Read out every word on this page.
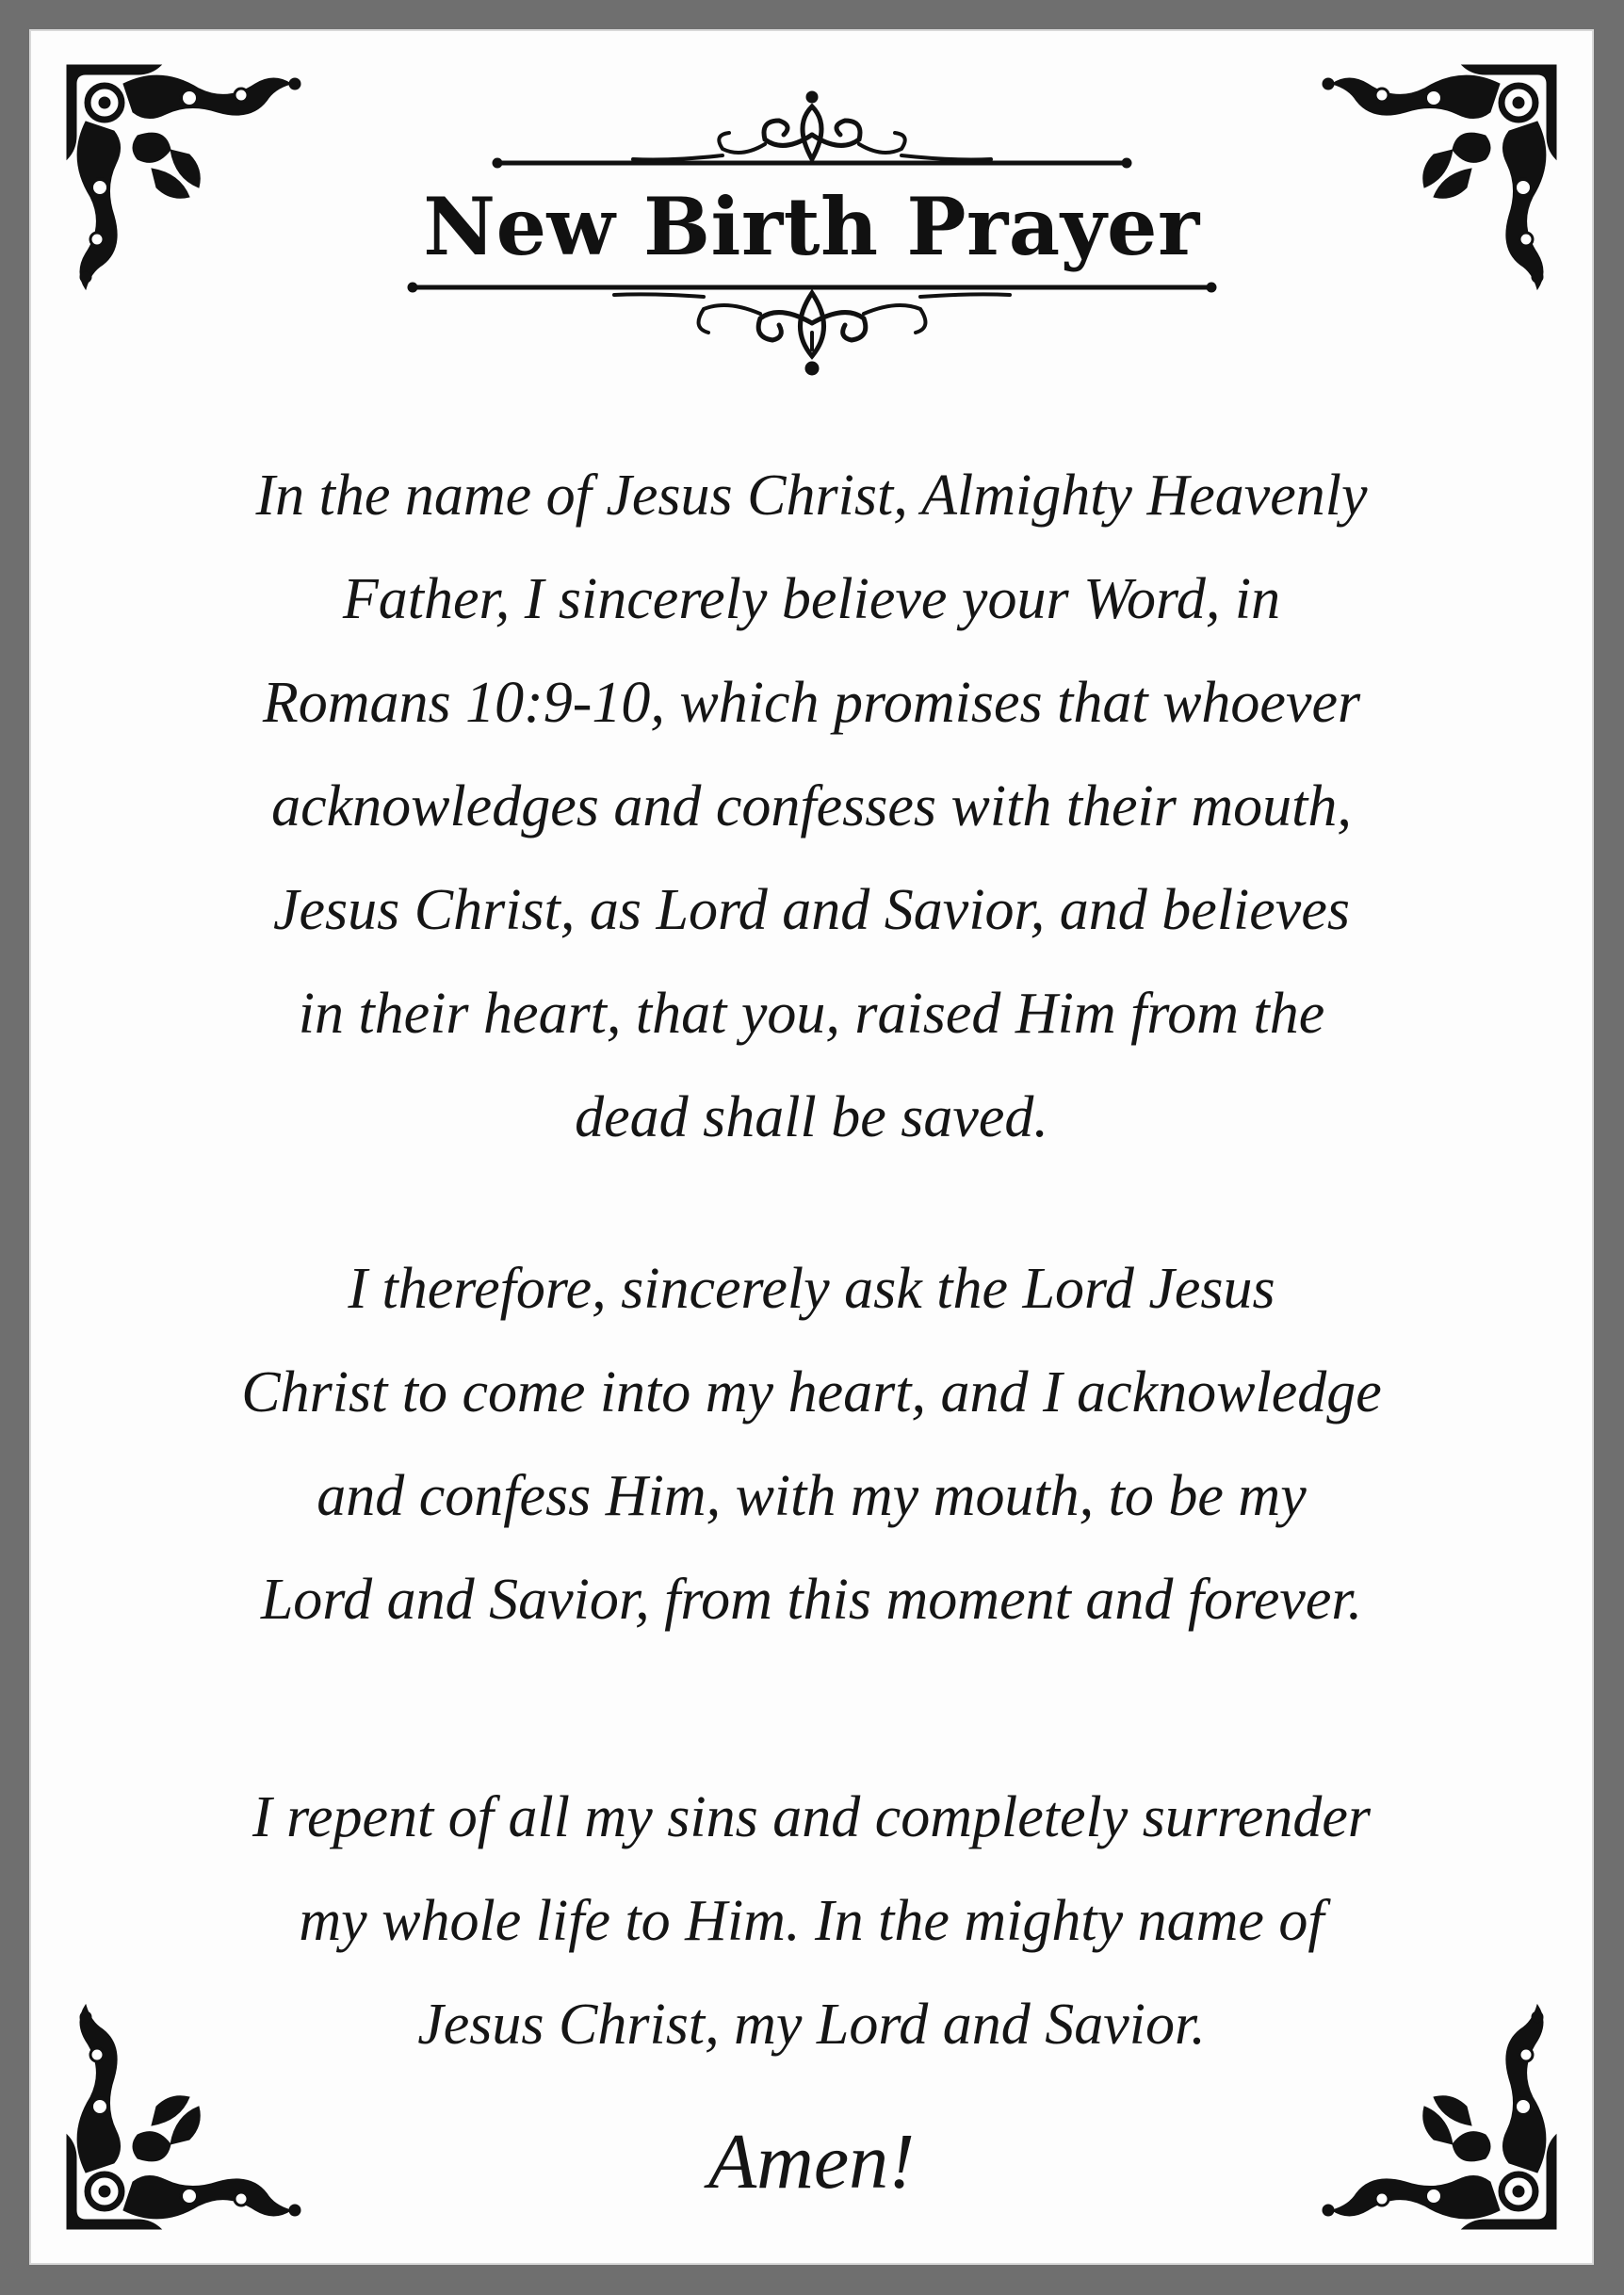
New Birth Prayer
In the name of Jesus Christ, Almighty Heavenly
Father, I sincerely believe your Word, in
Romans 10:9-10, which promises that whoever
acknowledges and confesses with their mouth,
Jesus Christ, as Lord and Savior, and believes
in their heart, that you, raised Him from the
dead shall be saved.
I therefore, sincerely ask the Lord Jesus
Christ to come into my heart, and I acknowledge
and confess Him, with my mouth, to be my
Lord and Savior, from this moment and forever.
I repent of all my sins and completely surrender
my whole life to Him. In the mighty name of
Jesus Christ, my Lord and Savior.
Amen!
